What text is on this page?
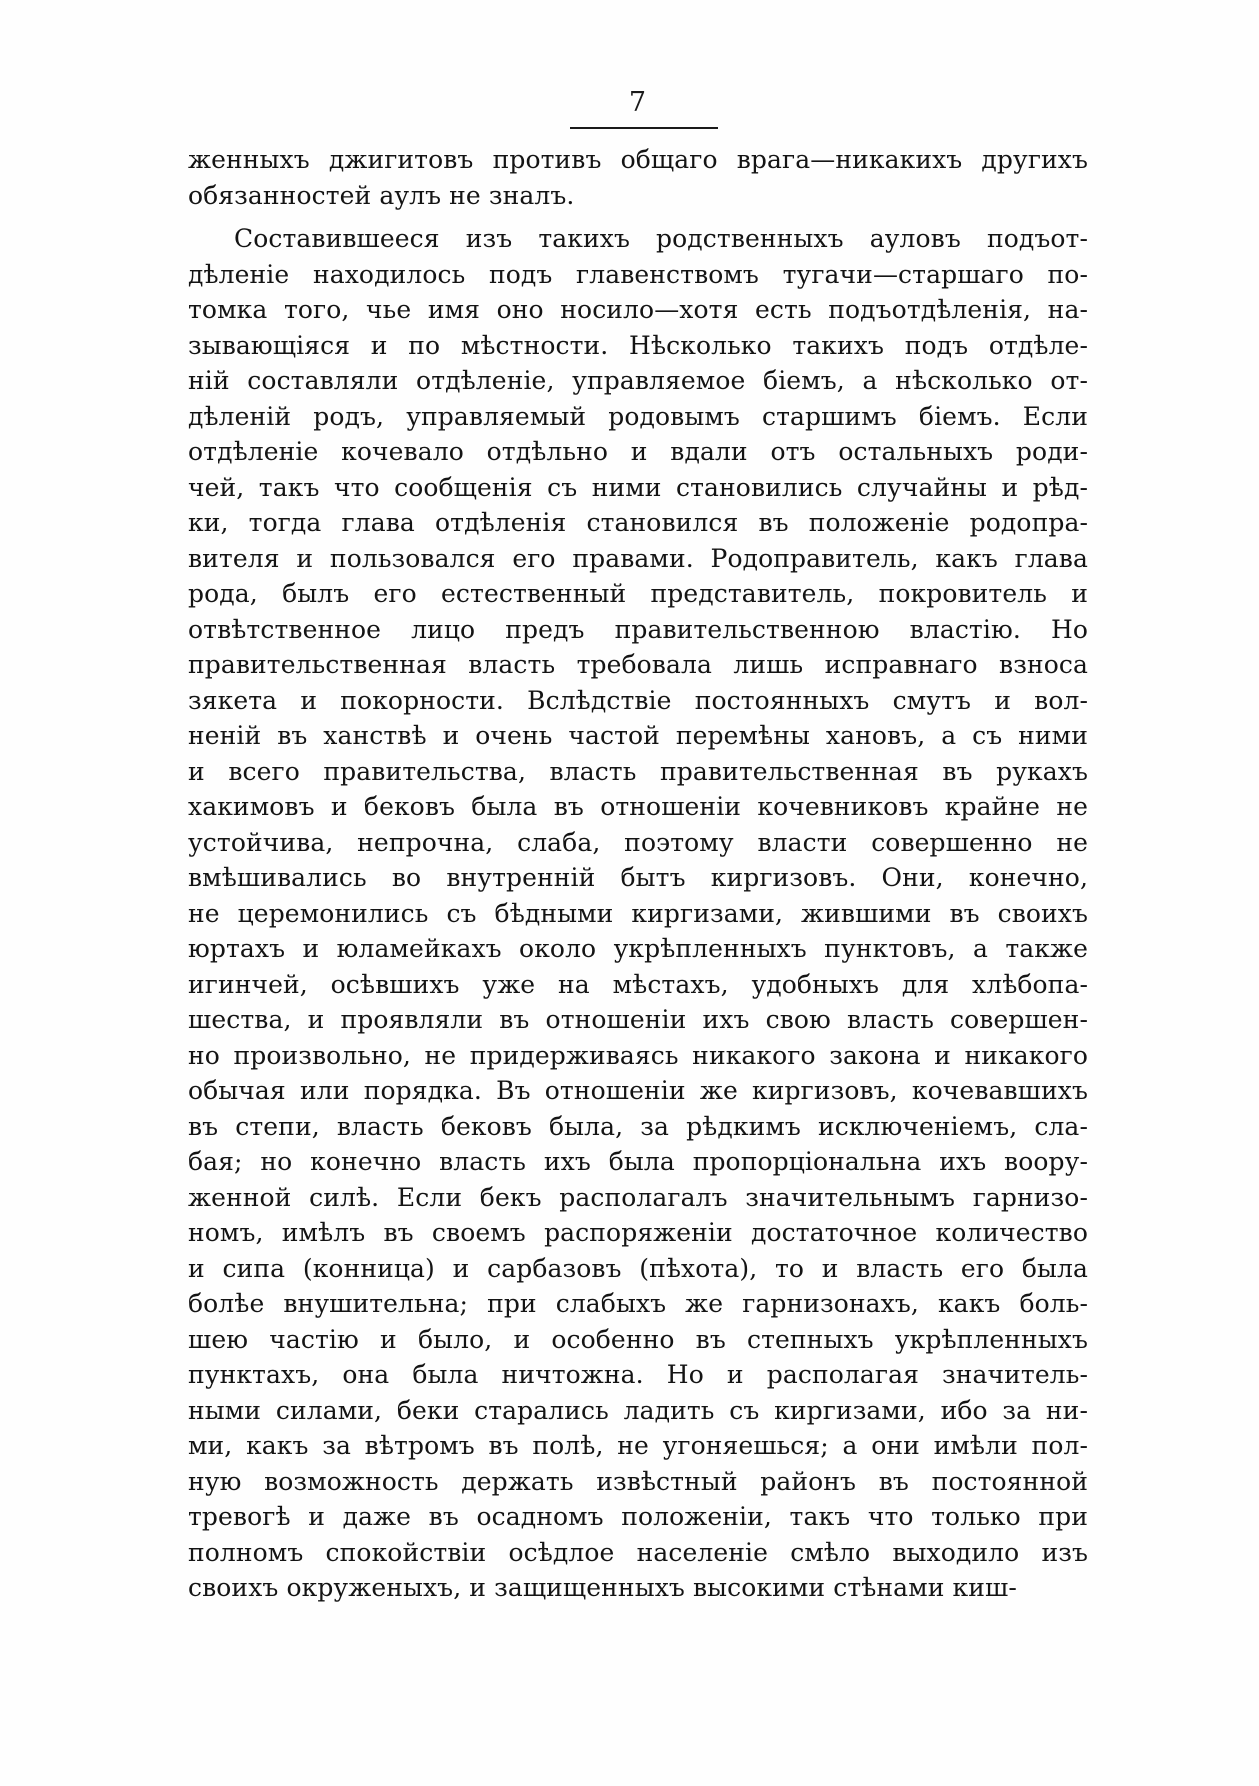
7
женныхъ джигитовъ противъ общаго врага—никакихъ другихъ
обязанностей аулъ не зналъ.
Составившееся изъ такихъ родственныхъ ауловъ подъот-
дѣленіе находилось подъ главенствомъ тугачи—старшаго по-
томка того, чье имя оно носило—хотя есть подъотдѣленія, на-
зывающіяся и по мѣстности. Нѣсколько такихъ подъ отдѣле-
ній составляли отдѣленіе, управляемое біемъ, а нѣсколько от-
дѣленій родъ, управляемый родовымъ старшимъ біемъ. Если
отдѣленіе кочевало отдѣльно и вдали отъ остальныхъ роди-
чей, такъ что сообщенія съ ними становились случайны и рѣд-
ки, тогда глава отдѣленія становился въ положеніе родопра-
вителя и пользовался его правами. Родоправитель, какъ глава
рода, былъ его естественный представитель, покровитель и
отвѣтственное лицо предъ правительственною властію. Но
правительственная власть требовала лишь исправнаго взноса
зякета и покорности. Вслѣдствіе постоянныхъ смутъ и вол-
неній въ ханствѣ и очень частой перемѣны хановъ, а съ ними
и всего правительства, власть правительственная въ рукахъ
хакимовъ и бековъ была въ отношеніи кочевниковъ крайне не
устойчива, непрочна, слаба, поэтому власти совершенно не
вмѣшивались во внутренній бытъ киргизовъ. Они, конечно,
не церемонились съ бѣдными киргизами, жившими въ своихъ
юртахъ и юламейкахъ около укрѣпленныхъ пунктовъ, а также
игинчей, осѣвшихъ уже на мѣстахъ, удобныхъ для хлѣбопа-
шества, и проявляли въ отношеніи ихъ свою власть совершен-
но произвольно, не придерживаясь никакого закона и никакого
обычая или порядка. Въ отношеніи же киргизовъ, кочевавшихъ
въ степи, власть бековъ была, за рѣдкимъ исключеніемъ, сла-
бая; но конечно власть ихъ была пропорціональна ихъ воору-
женной силѣ. Если бекъ располагалъ значительнымъ гарнизо-
номъ, имѣлъ въ своемъ распоряженіи достаточное количество
и сипа (конница) и сарбазовъ (пѣхота), то и власть его была
болѣе внушительна; при слабыхъ же гарнизонахъ, какъ боль-
шею частію и было, и особенно въ степныхъ укрѣпленныхъ
пунктахъ, она была ничтожна. Но и располагая значитель-
ными силами, беки старались ладить съ киргизами, ибо за ни-
ми, какъ за вѣтромъ въ полѣ, не угоняешься; а они имѣли пол-
ную возможность держать извѣстный районъ въ постоянной
тревогѣ и даже въ осадномъ положеніи, такъ что только при
полномъ спокойствіи осѣдлое населеніе смѣло выходило изъ
своихъ окруженыхъ, и защищенныхъ высокими стѣнами киш-
